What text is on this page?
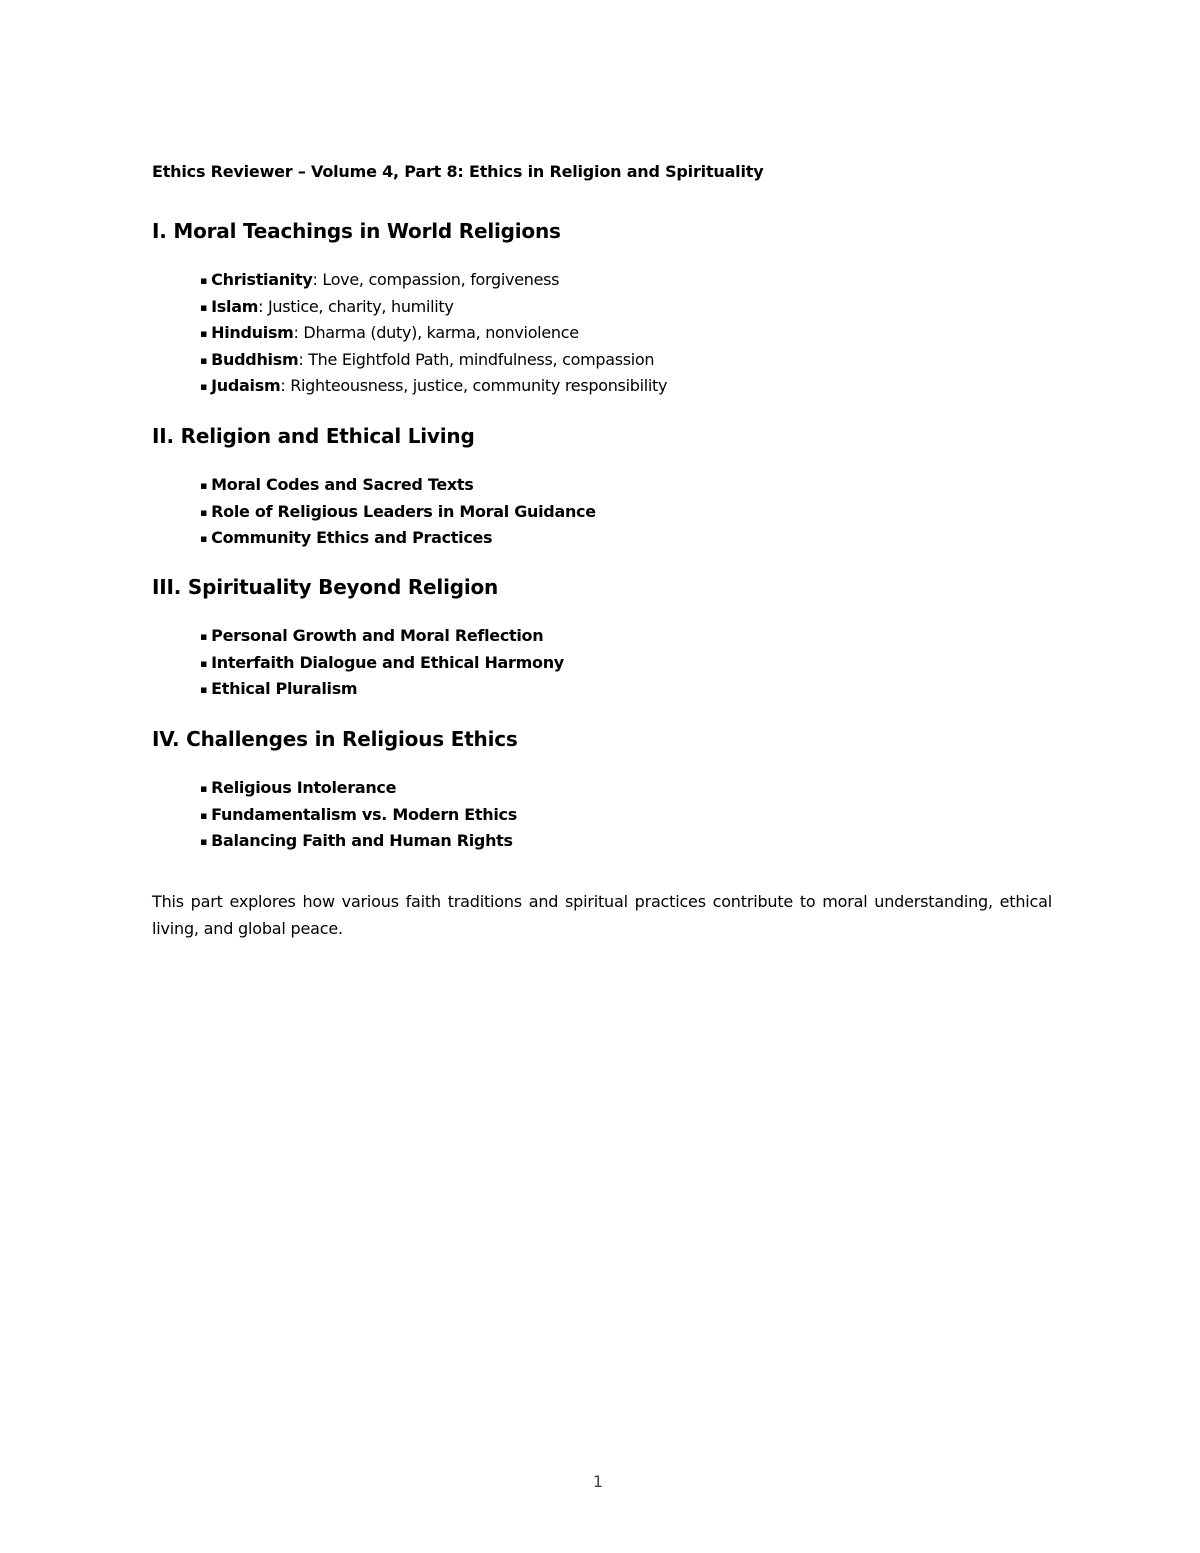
Ethics Reviewer – Volume 4, Part 8: Ethics in Religion and Spirituality
I. Moral Teachings in World Religions
▪ Christianity: Love, compassion, forgiveness
▪ Islam: Justice, charity, humility
▪ Hinduism: Dharma (duty), karma, nonviolence
▪ Buddhism: The Eightfold Path, mindfulness, compassion
▪ Judaism: Righteousness, justice, community responsibility
II. Religion and Ethical Living
▪ Moral Codes and Sacred Texts
▪ Role of Religious Leaders in Moral Guidance
▪ Community Ethics and Practices
III. Spirituality Beyond Religion
▪ Personal Growth and Moral Reflection
▪ Interfaith Dialogue and Ethical Harmony
▪ Ethical Pluralism
IV. Challenges in Religious Ethics
▪ Religious Intolerance
▪ Fundamentalism vs. Modern Ethics
▪ Balancing Faith and Human Rights

This part explores how various faith traditions and spiritual practices contribute to moral understanding, ethical living, and global peace.

1
